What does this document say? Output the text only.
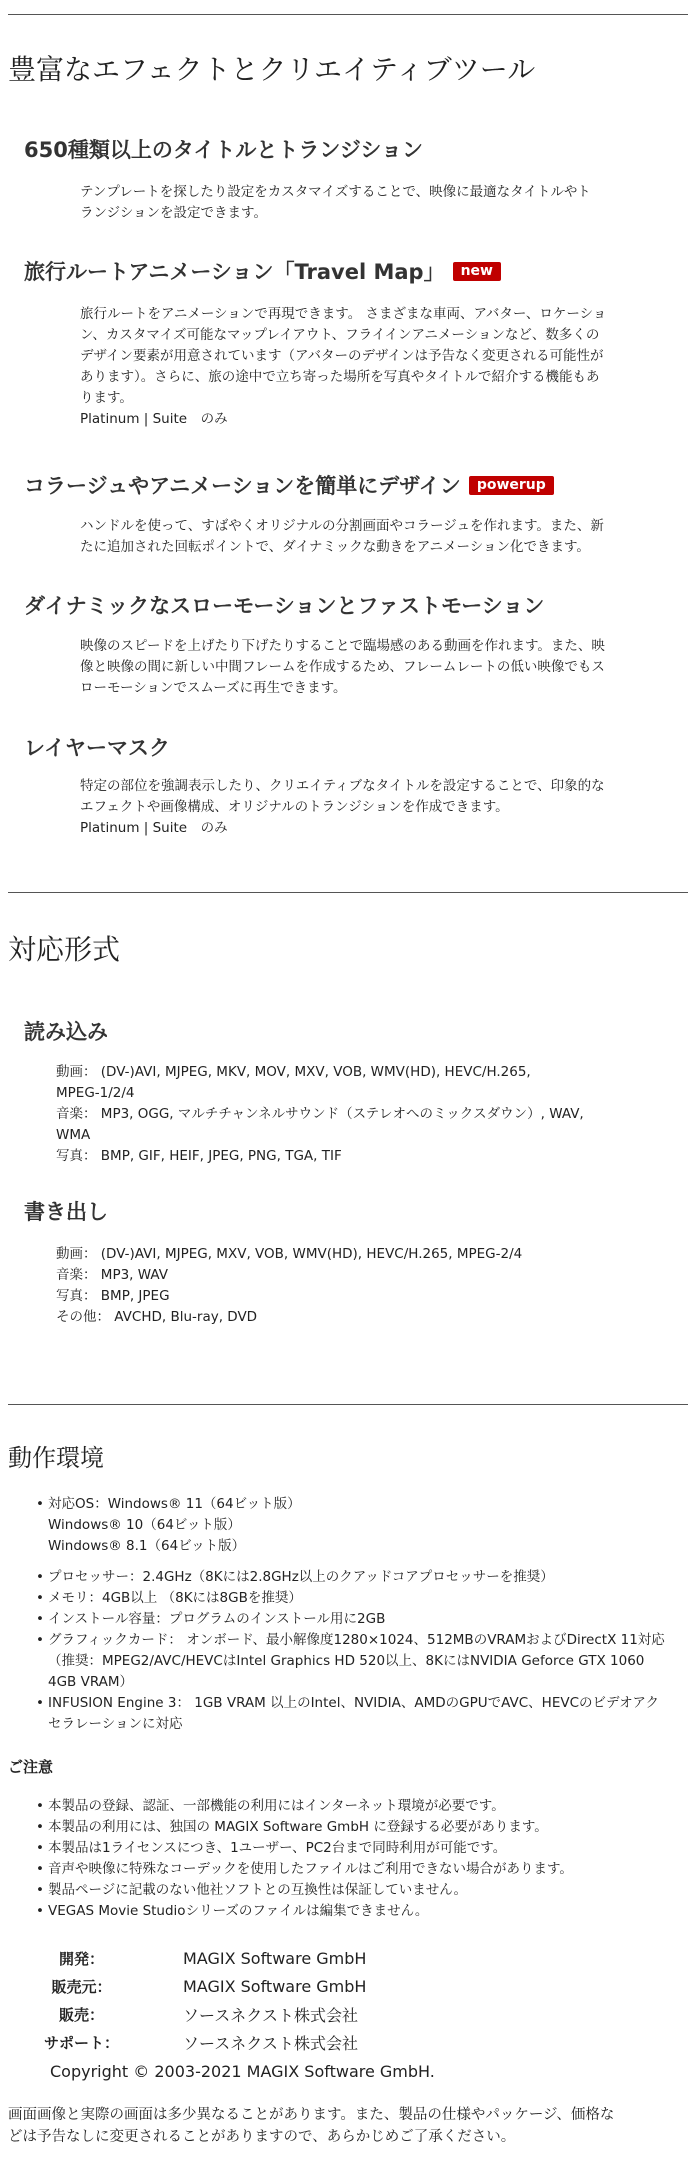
豊富なエフェクトとクリエイティブツール
650種類以上のタイトルとトランジション

テンプレートを探したり設定をカスタマイズすることで、映像に最適なタイトルやト

ランジションを設定できます。

旅行ルートアニメーション「Travel Map」 new

旅行ルートをアニメーションで再現できます。 さまざまな車両、アバター、ロケーショ

ン、カスタマイズ可能なマップレイアウト、フライインアニメーションなど、数多くの

デザイン要素が用意されています（アバターのデザインは予告なく変更される可能性が

あります）。さらに、旅の途中で立ち寄った場所を写真やタイトルで紹介する機能もあ

ります。

Platinum | Suite　のみ

コラージュやアニメーションを簡単にデザイン powerup

ハンドルを使って、すばやくオリジナルの分割画面やコラージュを作れます。また、新

たに追加された回転ポイントで、ダイナミックな動きをアニメーション化できます。

ダイナミックなスローモーションとファストモーション

映像のスピードを上げたり下げたりすることで臨場感のある動画を作れます。また、映

像と映像の間に新しい中間フレームを作成するため、フレームレートの低い映像でもス

ローモーションでスムーズに再生できます。

レイヤーマスク

特定の部位を強調表示したり、クリエイティブなタイトルを設定することで、印象的な

エフェクトや画像構成、オリジナルのトランジションを作成できます。

Platinum | Suite　のみ

対応形式
読み込み

動画： (DV-)AVI, MJPEG, MKV, MOV, MXV, VOB, WMV(HD), HEVC/H.265,

MPEG-1/2/4

音楽： MP3, OGG, マルチチャンネルサウンド（ステレオへのミックスダウン）, WAV,

WMA

写真： BMP, GIF, HEIF, JPEG, PNG, TGA, TIF

書き出し

動画： (DV-)AVI, MJPEG, MXV, VOB, WMV(HD), HEVC/H.265, MPEG-2/4

音楽： MP3, WAV

写真： BMP, JPEG

その他： AVCHD, Blu-ray, DVD

動作環境
• 対応OS：Windows® 11（64ビット版）
Windows® 10（64ビット版）
Windows® 8.1（64ビット版）
• プロセッサー：2.4GHz（8Kには2.8GHz以上のクアッドコアプロセッサーを推奨）
• メモリ：4GB以上 （8Kには8GBを推奨）
• インストール容量：プログラムのインストール用に2GB
• グラフィックカード： オンボード、最小解像度1280×1024、512MBのVRAMおよびDirectX 11対応
（推奨：MPEG2/AVC/HEVCはIntel Graphics HD 520以上、8KにはNVIDIA Geforce GTX 1060
4GB VRAM）
• INFUSION Engine 3： 1GB VRAM 以上のIntel、NVIDIA、AMDのGPUでAVC、HEVCのビデオアク
セラレーションに対応

ご注意

• 本製品の登録、認証、一部機能の利用にはインターネット環境が必要です。
• 本製品の利用には、独国の MAGIX Software GmbH に登録する必要があります。
• 本製品は1ライセンスにつき、1ユーザー、PC2台まで同時利用が可能です。
• 音声や映像に特殊なコーデックを使用したファイルはご利用できない場合があります。
• 製品ページに記載のない他社ソフトとの互換性は保証していません。
• VEGAS Movie Studioシリーズのファイルは編集できません。
開発：	MAGIX Software GmbH
販売元：	MAGIX Software GmbH
販売：	ソースネクスト株式会社
サポート：	ソースネクスト株式会社
Copyright © 2003-2021 MAGIX Software GmbH.

画面画像と実際の画面は多少異なることがあります。また、製品の仕様やパッケージ、価格な

どは予告なしに変更されることがありますので、あらかじめご了承ください。
